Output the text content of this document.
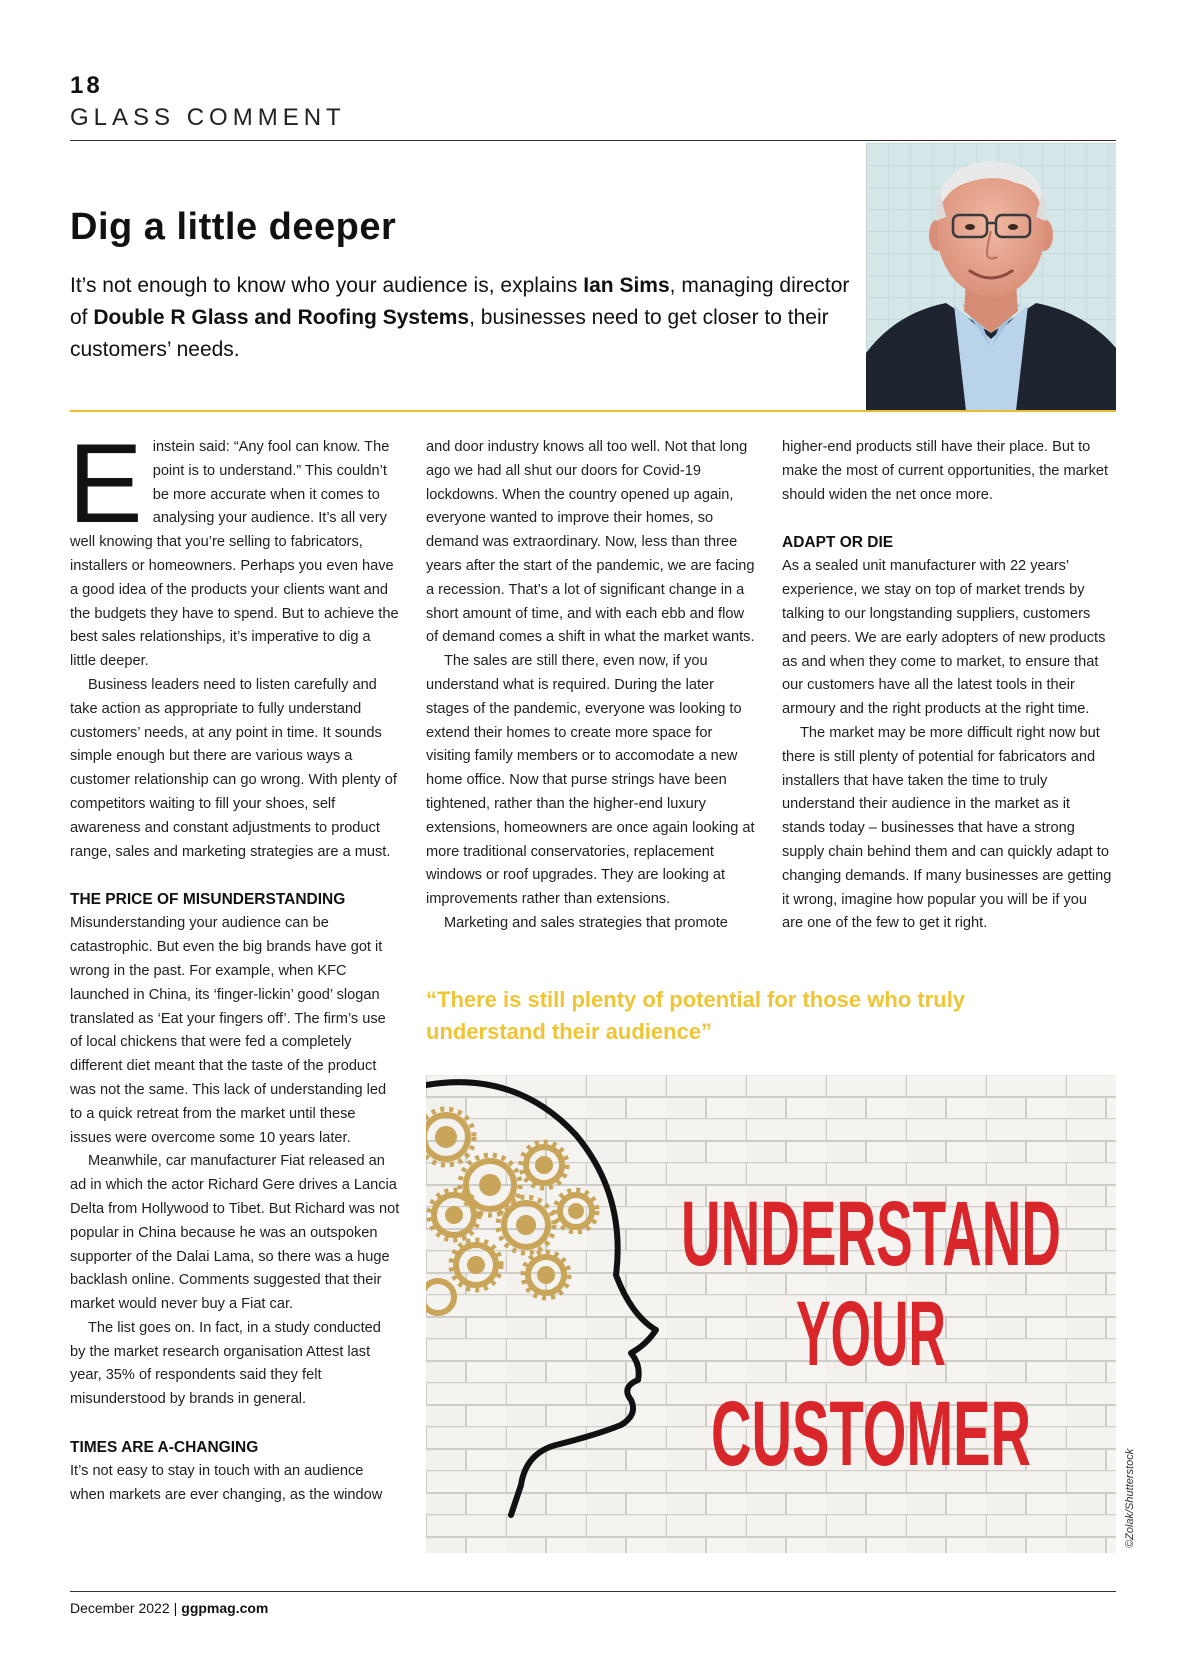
18
GLASS COMMENT
Dig a little deeper

It’s not enough to know who your audience is, explains Ian Sims, managing director of Double R Glass and Roofing Systems, businesses need to get closer to their customers’ needs.

E instein said: “Any fool can know. The point is to understand.” This couldn’t be more accurate when it comes to analysing your audience. It’s all very well knowing that you’re selling to fabricators, installers or homeowners. Perhaps you even have a good idea of the products your clients want and the budgets they have to spend. But to achieve the best sales relationships, it’s imperative to dig a little deeper.

Business leaders need to listen carefully and take action as appropriate to fully understand customers’ needs, at any point in time. It sounds simple enough but there are various ways a customer relationship can go wrong. With plenty of competitors waiting to fill your shoes, self awareness and constant adjustments to product range, sales and marketing strategies are a must.

THE PRICE OF MISUNDERSTANDING

Misunderstanding your audience can be catastrophic. But even the big brands have got it wrong in the past. For example, when KFC launched in China, its ‘finger-lickin’ good’ slogan translated as ‘Eat your fingers off’. The firm’s use of local chickens that were fed a completely different diet meant that the taste of the product was not the same. This lack of understanding led to a quick retreat from the market until these issues were overcome some 10 years later.

Meanwhile, car manufacturer Fiat released an ad in which the actor Richard Gere drives a Lancia Delta from Hollywood to Tibet. But Richard was not popular in China because he was an outspoken supporter of the Dalai Lama, so there was a huge backlash online. Comments suggested that their market would never buy a Fiat car.

The list goes on. In fact, in a study conducted by the market research organisation Attest last year, 35% of respondents said they felt misunderstood by brands in general.

TIMES ARE A-CHANGING

It’s not easy to stay in touch with an audience when markets are ever changing, as the window

and door industry knows all too well. Not that long ago we had all shut our doors for Covid-19 lockdowns. When the country opened up again, everyone wanted to improve their homes, so demand was extraordinary. Now, less than three years after the start of the pandemic, we are facing a recession. That’s a lot of significant change in a short amount of time, and with each ebb and flow of demand comes a shift in what the market wants.

The sales are still there, even now, if you understand what is required. During the later stages of the pandemic, everyone was looking to extend their homes to create more space for visiting family members or to accomodate a new home office. Now that purse strings have been tightened, rather than the higher-end luxury extensions, homeowners are once again looking at more traditional conservatories, replacement windows or roof upgrades. They are looking at improvements rather than extensions.

Marketing and sales strategies that promote

higher-end products still have their place. But to make the most of current opportunities, the market should widen the net once more.

ADAPT OR DIE

As a sealed unit manufacturer with 22 years’ experience, we stay on top of market trends by talking to our longstanding suppliers, customers and peers. We are early adopters of new products as and when they come to market, to ensure that our customers have all the latest tools in their armoury and the right products at the right time.

The market may be more difficult right now but there is still plenty of potential for fabricators and installers that have taken the time to truly understand their audience in the market as it stands today – businesses that have a strong supply chain behind them and can quickly adapt to changing demands. If many businesses are getting it wrong, imagine how popular you will be if you are one of the few to get it right.

“There is still plenty of potential for those who truly understand their audience”
UNDERSTAND
YOUR
CUSTOMER
©Zolak/Shutterstock
December 2022 | ggpmag.com
